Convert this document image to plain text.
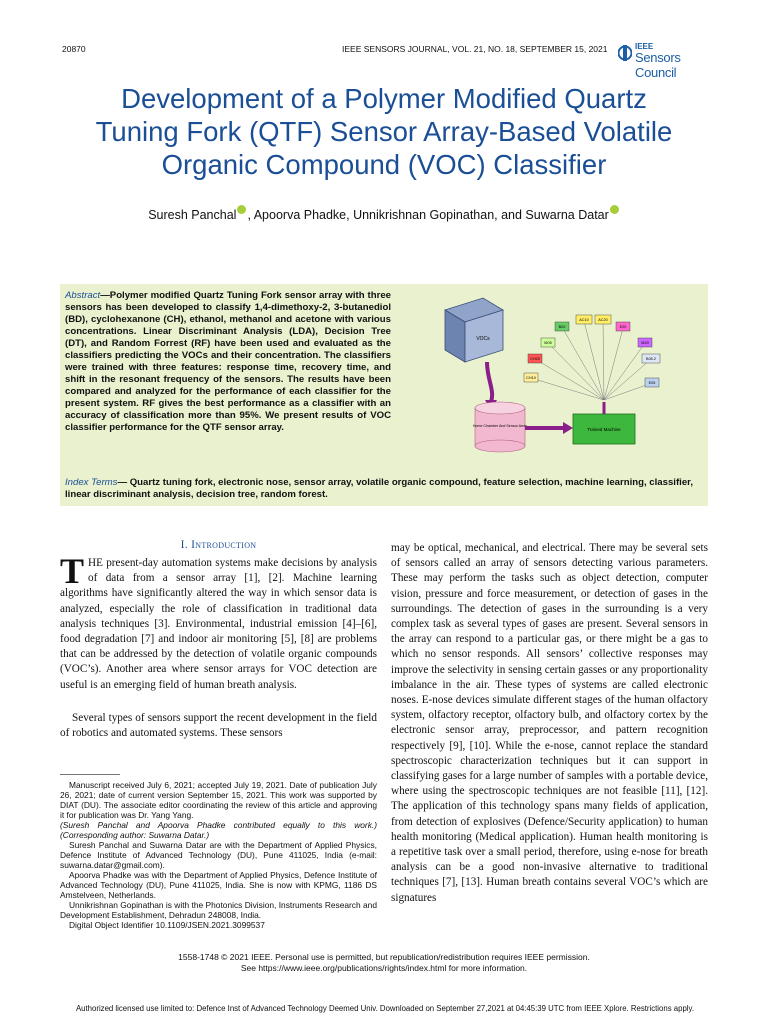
20870	IEEE SENSORS JOURNAL, VOL. 21, NO. 18, SEPTEMBER 15, 2021	IEEE
Sensors Council
Development of a Polymer Modified Quartz
Tuning Fork (QTF) Sensor Array-Based Volatile
Organic Compound (VOC) Classifier
Suresh Panchal , Apoorva Phadke, Unnikrishnan Gopinathan, and Suwarna Datar
Abstract—Polymer modified Quartz Tuning Fork sensor array with three sensors has been developed to classify 1,4-dimethoxy-2, 3-butanediol (BD), cyclohexanone (CH), ethanol, methanol and acetone with various concentrations. Linear Discriminant Analysis (LDA), Decision Tree (DT), and Random Forrest (RF) have been used and evaluated as the classifiers predicting the VOCs and their concentration. The classifiers were trained with three features: response time, recovery time, and shift in the resonant frequency of the sensors. The results have been compared and analyzed for the performance of each classifier for the present system. RF gives the best performance as a classifier with an accuracy of classification more than 95%. We present results of VOC classifier performance for the QTF sensor array.
VOCs
Home Chamber And Sensor Array
Trained Machine
B20
AC10	AC20
E20
M05	M20
CH20	B05.2
CH10
E05
Index Terms— Quartz tuning fork, electronic nose, sensor array, volatile organic compound, feature selection, machine learning, classifier, linear discriminant analysis, decision tree, random forest.
I. Introduction
THE present-day automation systems make decisions by analysis of data from a sensor array [1], [2]. Machine learning algorithms have significantly altered the way in which sensor data is analyzed, especially the role of classification in traditional data analysis techniques [3]. Environmental, industrial emission [4]–[6], food degradation [7] and indoor air monitoring [5], [8] are problems that can be addressed by the detection of volatile organic compounds (VOC’s). Another area where sensor arrays for VOC detection are useful is an emerging field of human breath analysis.
Several types of sensors support the recent development in the field of robotics and automated systems. These sensors

Manuscript received July 6, 2021; accepted July 19, 2021. Date of publication July 26, 2021; date of current version September 15, 2021. This work was supported by DIAT (DU). The associate editor coordinating the review of this article and approving it for publication was Dr. Yang Yang.

(Suresh Panchal and Apoorva Phadke contributed equally to this work.) (Corresponding author: Suwarna Datar.)

Suresh Panchal and Suwarna Datar are with the Department of Applied Physics, Defence Institute of Advanced Technology (DU), Pune 411025, India (e-mail: suwarna.datar@gmail.com).

Apoorva Phadke was with the Department of Applied Physics, Defence Institute of Advanced Technology (DU), Pune 411025, India. She is now with KPMG, 1186 DS Amstelveen, Netherlands.

Unnikrishnan Gopinathan is with the Photonics Division, Instruments Research and Development Establishment, Dehradun 248008, India.

Digital Object Identifier 10.1109/JSEN.2021.3099537

may be optical, mechanical, and electrical. There may be several sets of sensors called an array of sensors detecting various parameters. These may perform the tasks such as object detection, computer vision, pressure and force measurement, or detection of gases in the surroundings. The detection of gases in the surrounding is a very complex task as several types of gases are present. Several sensors in the array can respond to a particular gas, or there might be a gas to which no sensor responds. All sensors’ collective responses may improve the selectivity in sensing certain gasses or any proportionality imbalance in the air. These types of systems are called electronic noses. E-nose devices simulate different stages of the human olfactory system, olfactory receptor, olfactory bulb, and olfactory cortex by the electronic sensor array, preprocessor, and pattern recognition respectively [9], [10]. While the e-nose, cannot replace the standard spectroscopic characterization techniques but it can support in classifying gases for a large number of samples with a portable device, where using the spectroscopic techniques are not feasible [11], [12]. The application of this technology spans many fields of application, from detection of explosives (Defence/Security application) to human health monitoring (Medical application). Human health monitoring is a repetitive task over a small period, therefore, using e-nose for breath analysis can be a good non-invasive alternative to traditional techniques [7], [13]. Human breath contains several VOC’s which are signatures
1558-1748 © 2021 IEEE. Personal use is permitted, but republication/redistribution requires IEEE permission.
See https://www.ieee.org/publications/rights/index.html for more information.
Authorized licensed use limited to: Defence Inst of Advanced Technology Deemed Univ. Downloaded on September 27,2021 at 04:45:39 UTC from IEEE Xplore. Restrictions apply.
